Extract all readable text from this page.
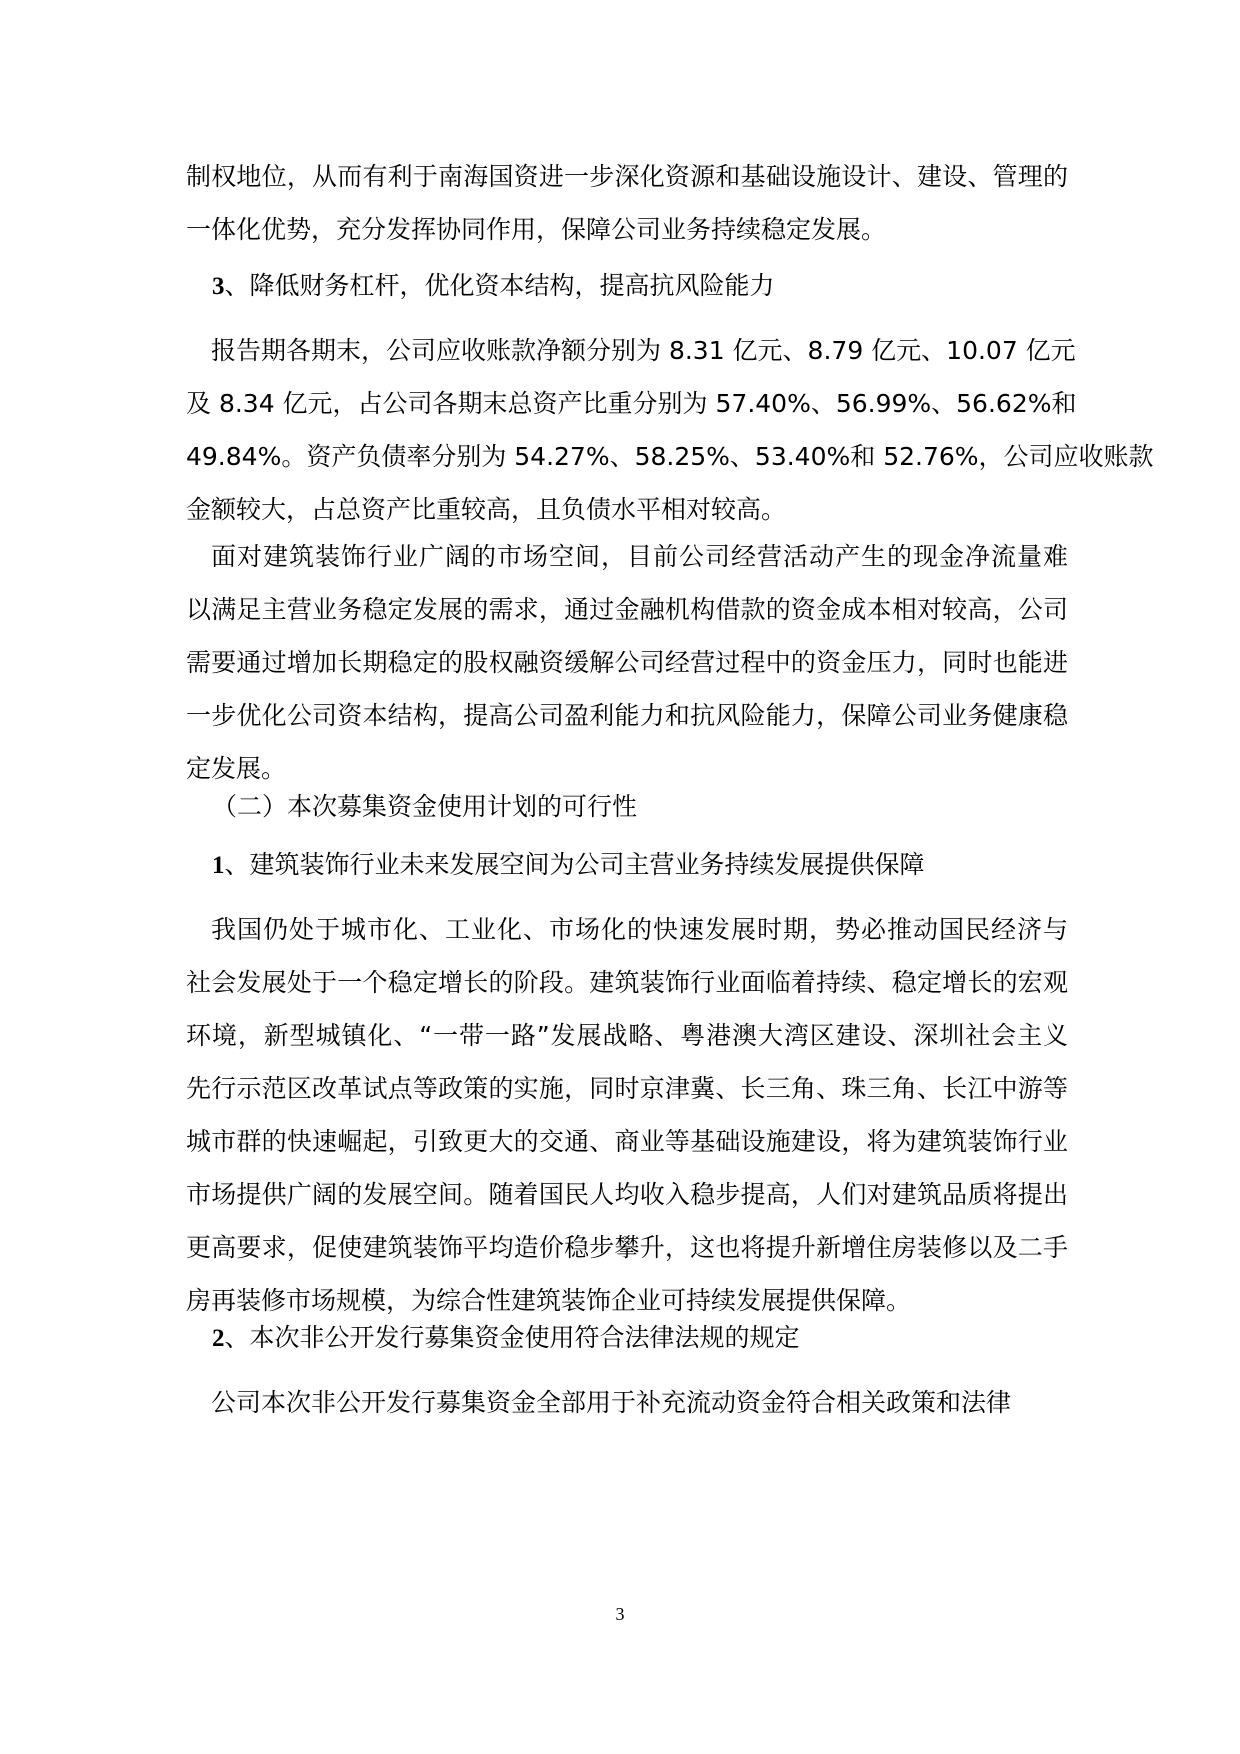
制权地位，从而有利于南海国资进一步深化资源和基础设施设计、建设、管理的
一体化优势，充分发挥协同作用，保障公司业务持续稳定发展。
3、降低财务杠杆，优化资本结构，提高抗风险能力
报告期各期末，公司应收账款净额分别为 8.31 亿元、8.79 亿元、10.07 亿元
及 8.34 亿元，占公司各期末总资产比重分别为 57.40%、56.99%、56.62%和
49.84%。资产负债率分别为 54.27%、58.25%、53.40%和 52.76%，公司应收账款
金额较大，占总资产比重较高，且负债水平相对较高。
面对建筑装饰行业广阔的市场空间，目前公司经营活动产生的现金净流量难
以满足主营业务稳定发展的需求，通过金融机构借款的资金成本相对较高，公司
需要通过增加长期稳定的股权融资缓解公司经营过程中的资金压力，同时也能进
一步优化公司资本结构，提高公司盈利能力和抗风险能力，保障公司业务健康稳
定发展。
（二）本次募集资金使用计划的可行性
1、建筑装饰行业未来发展空间为公司主营业务持续发展提供保障
我国仍处于城市化、工业化、市场化的快速发展时期，势必推动国民经济与
社会发展处于一个稳定增长的阶段。建筑装饰行业面临着持续、稳定增长的宏观
环境，新型城镇化、“一带一路”发展战略、粤港澳大湾区建设、深圳社会主义
先行示范区改革试点等政策的实施，同时京津冀、长三角、珠三角、长江中游等
城市群的快速崛起，引致更大的交通、商业等基础设施建设，将为建筑装饰行业
市场提供广阔的发展空间。随着国民人均收入稳步提高，人们对建筑品质将提出
更高要求，促使建筑装饰平均造价稳步攀升，这也将提升新增住房装修以及二手
房再装修市场规模，为综合性建筑装饰企业可持续发展提供保障。
2、本次非公开发行募集资金使用符合法律法规的规定
公司本次非公开发行募集资金全部用于补充流动资金符合相关政策和法律
3
